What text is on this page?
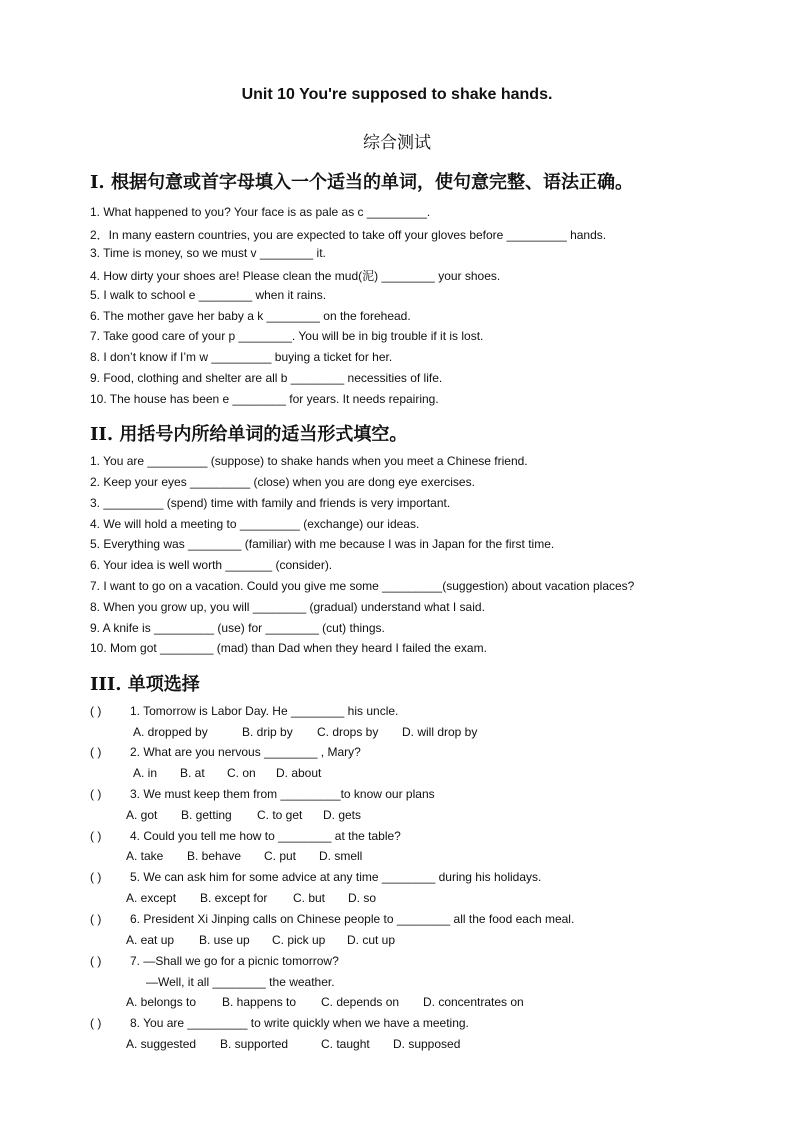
Unit 10 You're supposed to shake hands.
综合测试
I. 根据句意或首字母填入一个适当的单词，使句意完整、语法正确。
1. What happened to you? Your face is as pale as c _________.
2．In many eastern countries, you are expected to take off your gloves before _________ hands.
3. Time is money, so we must v ________ it.
4. How dirty your shoes are! Please clean the mud(泥) ________ your shoes.
5. I walk to school e ________ when it rains.
6. The mother gave her baby a k ________ on the forehead.
7. Take good care of your p ________. You will be in big trouble if it is lost.
8. I don’t know if I’m w _________ buying a ticket for her.
9. Food, clothing and shelter are all b ________ necessities of life.
10. The house has been e ________ for years. It needs repairing.
II. 用括号内所给单词的适当形式填空。
1. You are _________ (suppose) to shake hands when you meet a Chinese friend.
2. Keep your eyes _________ (close) when you are dong eye exercises.
3. _________ (spend) time with family and friends is very important.
4. We will hold a meeting to _________ (exchange) our ideas.
5. Everything was ________ (familiar) with me because I was in Japan for the first time.
6. Your idea is well worth _______ (consider).
7. I want to go on a vacation. Could you give me some _________(suggestion) about vacation places?
8. When you grow up, you will ________ (gradual) understand what I said.
9. A knife is _________ (use) for ________ (cut) things.
10. Mom got ________ (mad) than Dad when they heard I failed the exam.
III. 单项选择
( ) 1. Tomorrow is Labor Day. He ________ his uncle.
A. dropped by	B. drip by C. drops by D. will drop by
( ) 2. What are you nervous ________ , Mary?
A. in B. at C. on D. about
( ) 3. We must keep them from _________to know our plans
A. got B. getting C. to get D. gets
( ) 4. Could you tell me how to ________ at the table?
A. take B. behave C. put D. smell
( ) 5. We can ask him for some advice at any time ________ during his holidays.
A. except B. except for C. but D. so
( ) 6. President Xi Jinping calls on Chinese people to ________ all the food each meal.
A. eat up B. use up C. pick up D. cut up
( ) 7. —Shall we go for a picnic tomorrow?
—Well, it all ________ the weather.
A. belongs to B. happens to C. depends on D. concentrates on
( ) 8. You are _________ to write quickly when we have a meeting.
A. suggested B. supported	C. taught D. supposed
